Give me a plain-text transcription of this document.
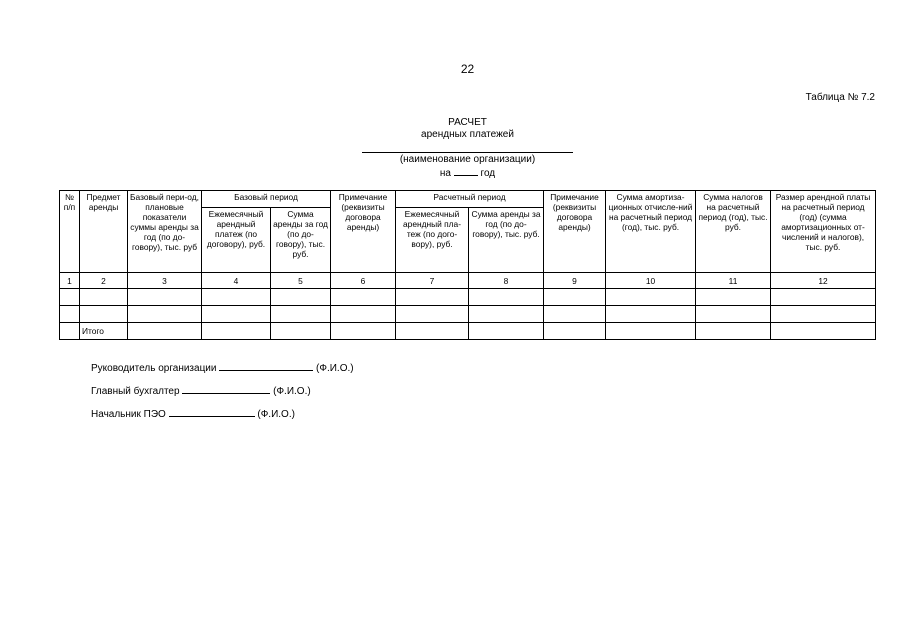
22
Таблица № 7.2
РАСЧЕТ
арендных платежей
(наименование организации)
на	год
№ п/п	Предмет аренды	Базовый пери-од, плановые показатели суммы аренды за год (по до-говору), тыс. руб	Базовый период		Примечание (реквизиты договора аренды)	Расчетный период		Примечание (реквизиты договора аренды)	Сумма амортиза-ционных отчисле-ний на расчетный период (год), тыс. руб.	Сумма налогов на расчетный период (год), тыс. руб.	Размер арендной платы на расчетный период (год) (сумма амортизационных от-числений и налогов), тыс. руб.
			Ежемесячный арендный платеж (по договору), руб.	Сумма аренды за год (по до-говору), тыс. руб.		Ежемесячный арендный пла-теж (по дого-вору), руб.	Сумма аренды за год (по до-говору), тыс. руб.				
1	2	3	4	5	6	7	8	9	10	11	12

	Итого										
Руководитель организации	(Ф.И.О.)
Главный бухгалтер	(Ф.И.О.)
Начальник ПЭО	(Ф.И.О.)
